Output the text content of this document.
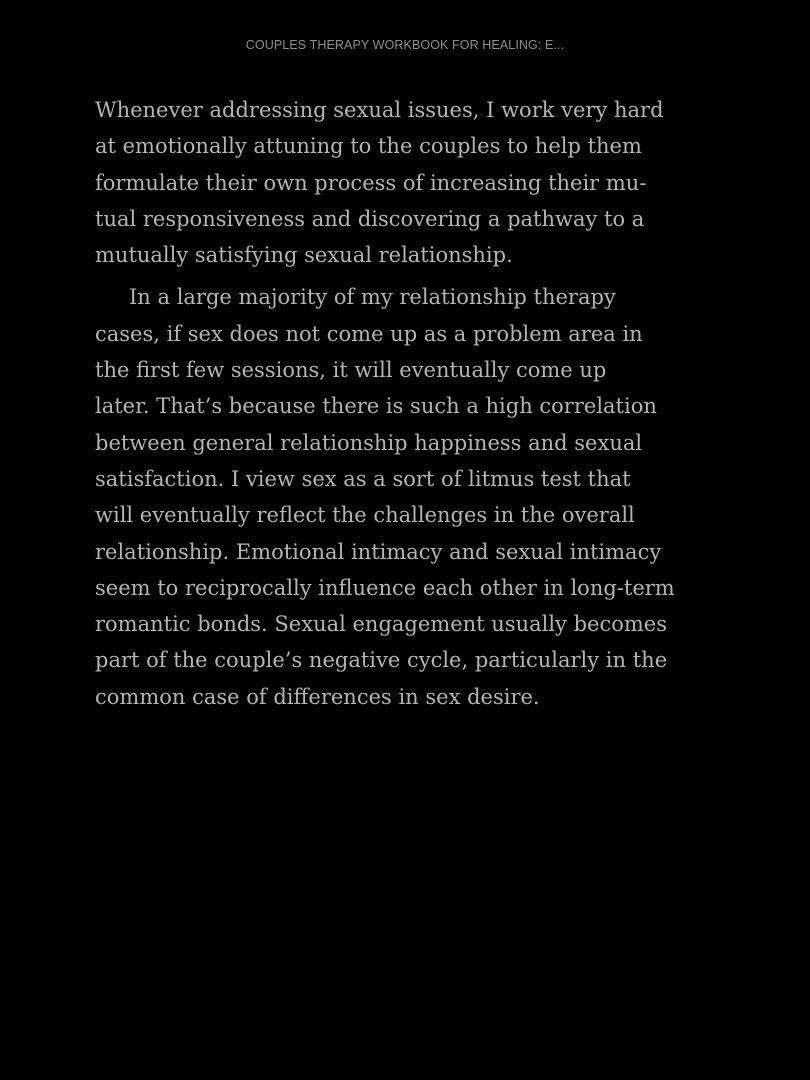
COUPLES THERAPY WORKBOOK FOR HEALING: E...

Whenever addressing sexual issues, I work very hard
at emotionally attuning to the couples to help them
formulate their own process of increasing their mu-
tual responsiveness and discovering a pathway to a
mutually satisfying sexual relationship.

In a large majority of my relationship therapy
cases, if sex does not come up as a problem area in
the first few sessions, it will eventually come up
later. That’s because there is such a high correlation
between general relationship happiness and sexual
satisfaction. I view sex as a sort of litmus test that
will eventually reflect the challenges in the overall
relationship. Emotional intimacy and sexual intimacy
seem to reciprocally influence each other in long-term
romantic bonds. Sexual engagement usually becomes
part of the couple’s negative cycle, particularly in the
common case of differences in sex desire.
